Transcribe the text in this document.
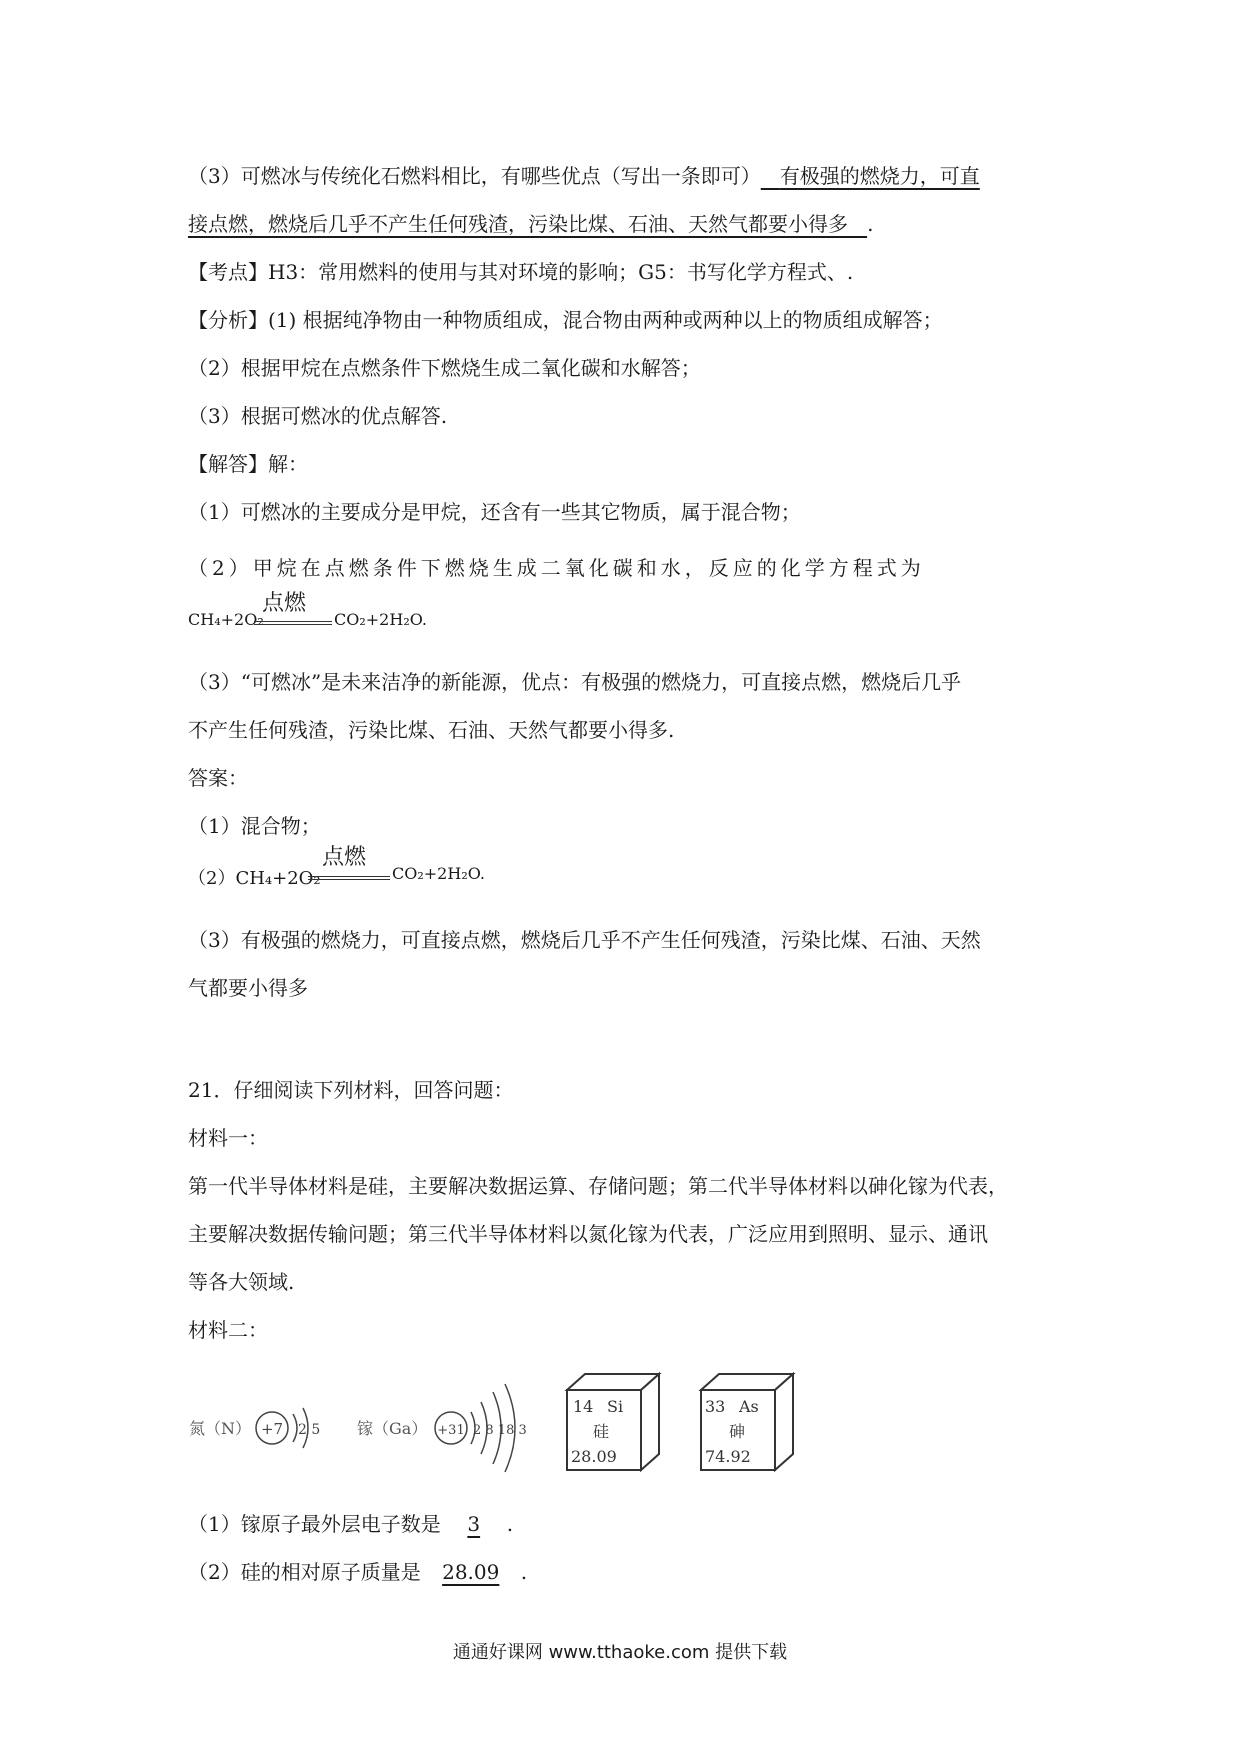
（3）可燃冰与传统化石燃料相比，有哪些优点（写出一条即可） 有极强的燃烧力，可直
接点燃，燃烧后几乎不产生任何残渣，污染比煤、石油、天然气都要小得多 .
【考点】H3：常用燃料的使用与其对环境的影响；G5：书写化学方程式、.
【分析】(1) 根据纯净物由一种物质组成，混合物由两种或两种以上的物质组成解答；
（2）根据甲烷在点燃条件下燃烧生成二氧化碳和水解答；
（3）根据可燃冰的优点解答.
【解答】解：
（1）可燃冰的主要成分是甲烷，还含有一些其它物质，属于混合物；
（2）甲烷在点燃条件下燃烧生成二氧化碳和水，反应的化学方程式为
CH₄+2O₂
点燃
CO₂+2H₂O.
（3）“可燃冰”是未来洁净的新能源，优点：有极强的燃烧力，可直接点燃，燃烧后几乎
不产生任何残渣，污染比煤、石油、天然气都要小得多.
答案：
（1）混合物；
（2）CH₄+2O₂
点燃
CO₂+2H₂O.
（3）有极强的燃烧力，可直接点燃，燃烧后几乎不产生任何残渣，污染比煤、石油、天然
气都要小得多
21．仔细阅读下列材料，回答问题：
材料一：
第一代半导体材料是硅，主要解决数据运算、存储问题；第二代半导体材料以砷化镓为代表，
主要解决数据传输问题；第三代半导体材料以氮化镓为代表，广泛应用到照明、显示、通讯
等各大领域.
材料二：
氮（N） +7 2 5 镓（Ga） +31 2 8 18 3
14 Si
硅
28.09
33 As
砷
74.92
（1）镓原子最外层电子数是 3 .
（2）硅的相对原子质量是 28.09 .
通通好课网 www.tthaoke.com 提供下载
